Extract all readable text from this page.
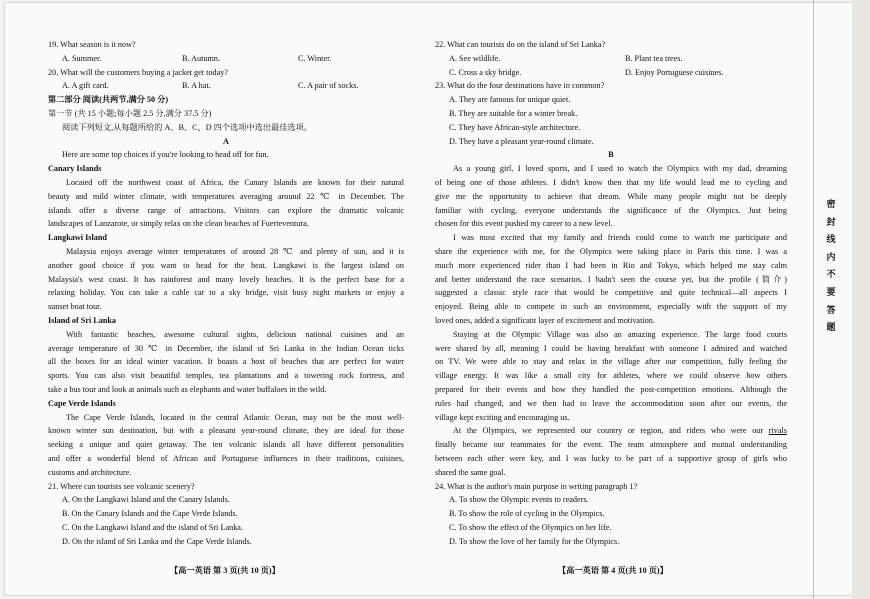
19. What season is it now?
A. Summer.	B. Autumn.	C. Winter.
20. What will the customers buying a jacket get today?
A. A gift card.	B. A hat.	C. A pair of socks.
第二部分 阅读(共两节,满分 50 分)
第一节 (共 15 小题;每小题 2.5 分,满分 37.5 分)
阅读下列短文,从每题所给的 A、B、C、D 四个选项中选出最佳选项。
A
Here are some top choices if you're looking to head off for fun.
Canary Islands
Located off the northwest coast of Africa, the Canary Islands are known for their natural
beauty and mild winter climate, with temperatures averaging around 22 ℃ in December. The
islands offer a diverse range of attractions. Visitors can explore the dramatic volcanic
landscapes of Lanzarote, or simply relax on the clean beaches of Fuerteventura.
Langkawi Island
Malaysia enjoys average winter temperatures of around 28 ℃ and plenty of sun, and it is
another good choice if you want to head for the heat. Langkawi is the largest island on
Malaysia's west coast. It has rainforest and many lovely beaches. It is the perfect base for a
relaxing holiday. You can take a cable car to a sky bridge, visit busy night markets or enjoy a
sunset boat tour.
Island of Sri Lanka
With fantastic beaches, awesome cultural sights, delicious national cuisines and an
average temperature of 30 ℃ in December, the island of Sri Lanka in the Indian Ocean ticks
all the boxes for an ideal winter vacation. It boasts a host of beaches that are perfect for water
sports. You can also visit beautiful temples, tea plantations and a towering rock fortress, and
take a bus tour and look at animals such as elephants and water buffaloes in the wild.
Cape Verde Islands
The Cape Verde Islands, located in the central Atlantic Ocean, may not be the most well-
known winter sun destination, but with a pleasant year-round climate, they are ideal for those
seeking a unique and quiet getaway. The ten volcanic islands all have different personalities
and offer a wonderful blend of African and Portuguese influences in their traditions, cuisines,
customs and architecture.
21. Where can tourists see volcanic scenery?
A. On the Langkawi Island and the Canary Islands.
B. On the Canary Islands and the Cape Verde Islands.
C. On the Langkawi Island and the island of Sri Lanka.
D. On the island of Sri Lanka and the Cape Verde Islands.
22. What can tourists do on the island of Sri Lanka?
A. See wildlife.	B. Plant tea trees.
C. Cross a sky bridge.	D. Enjoy Portuguese cuisines.
23. What do the four destinations have in common?
A. They are famous for unique quiet.
B. They are suitable for a winter break.
C. They have African-style architecture.
D. They have a pleasant year-round climate.
B
As a young girl, I loved sports, and I used to watch the Olympics with my dad, dreaming
of being one of those athletes. I didn't know then that my life would lead me to cycling and
give me the opportunity to achieve that dream. While many people might not be deeply
familiar with cycling, everyone understands the significance of the Olympics. Just being
chosen for this event pushed my career to a new level.
I was most excited that my family and friends could come to watch me participate and
share the experience with me, for the Olympics were taking place in Paris this time. I was a
much more experienced rider than I had been in Rio and Tokyo, which helped me stay calm
and better understand the race scenarios. I hadn't seen the course yet, but the profile (简介)
suggested a classic style race that would be competitive and quite technical—all aspects I
enjoyed. Being able to compete in such an environment, especially with the support of my
loved ones, added a significant layer of excitement and motivation.
Staying at the Olympic Village was also an amazing experience. The large food courts
were shared by all, meaning I could be having breakfast with someone I admired and watched
on TV. We were able to stay and relax in the village after our competition, fully feeling the
village energy. It was like a small city for athletes, where we could observe how others
prepared for their events and how they handled the post-competition emotions. Although the
rules had changed, and we then had to leave the accommodation soon after our events, the
village kept exciting and encouraging us.
At the Olympics, we represented our country or region, and riders who were our rivals
finally became our teammates for the event. The team atmosphere and mutual understanding
between each other were key, and I was lucky to be part of a supportive group of girls who
shared the same goal.
24. What is the author's main purpose in writing paragraph 1?
A. To show the Olympic events to readers.
B. To show the role of cycling in the Olympics.
C. To show the effect of the Olympics on her life.
D. To show the love of her family for the Olympics.
【高一英语 第 3 页(共 10 页)】	【高一英语 第 4 页(共 10 页)】
密
封
线
内
不
要
答
题
